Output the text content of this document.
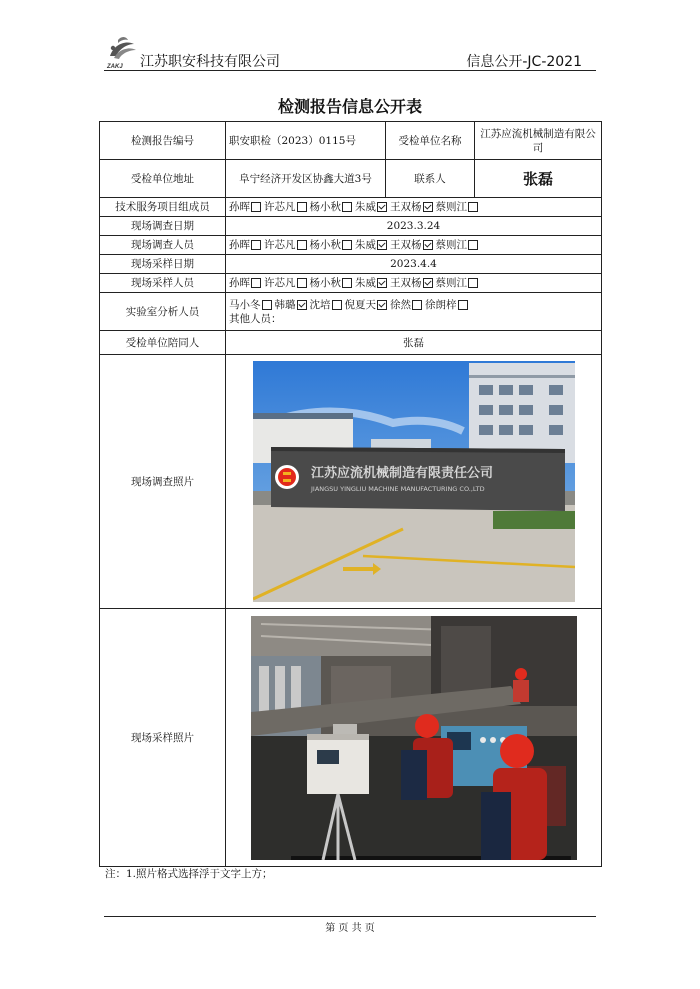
ZAKJ 江苏职安科技有限公司	信息公开-JC-2021
检测报告信息公开表
检测报告编号	职安职检（2023）0115号	受检单位名称	江苏应流机械制造有限公司
受检单位地址	阜宁经济开发区协鑫大道3号	联系人	张磊
技术服务项目组成员	孙晖 许芯凡 杨小秋 朱威 王双杨 蔡则江		
现场调查日期	2023.3.24		
现场调查人员	孙晖 许芯凡 杨小秋 朱威 王双杨 蔡则江		
现场采样日期	2023.4.4		
现场采样人员	孙晖 许芯凡 杨小秋 朱威 王双杨 蔡则江		
实验室分析人员	马小冬 韩璐 沈培 倪夏天 徐然 徐朗梓
其他人员：		

受检单位陪同人	张磊		
现场调查照片	江苏应流机械制造有限责任公司
JIANGSU YINGLIU MACHINE MANUFACTURING CO.,LTD		

现场采样照片	
注：1.照片格式选择浮于文字上方；
第 页 共 页
